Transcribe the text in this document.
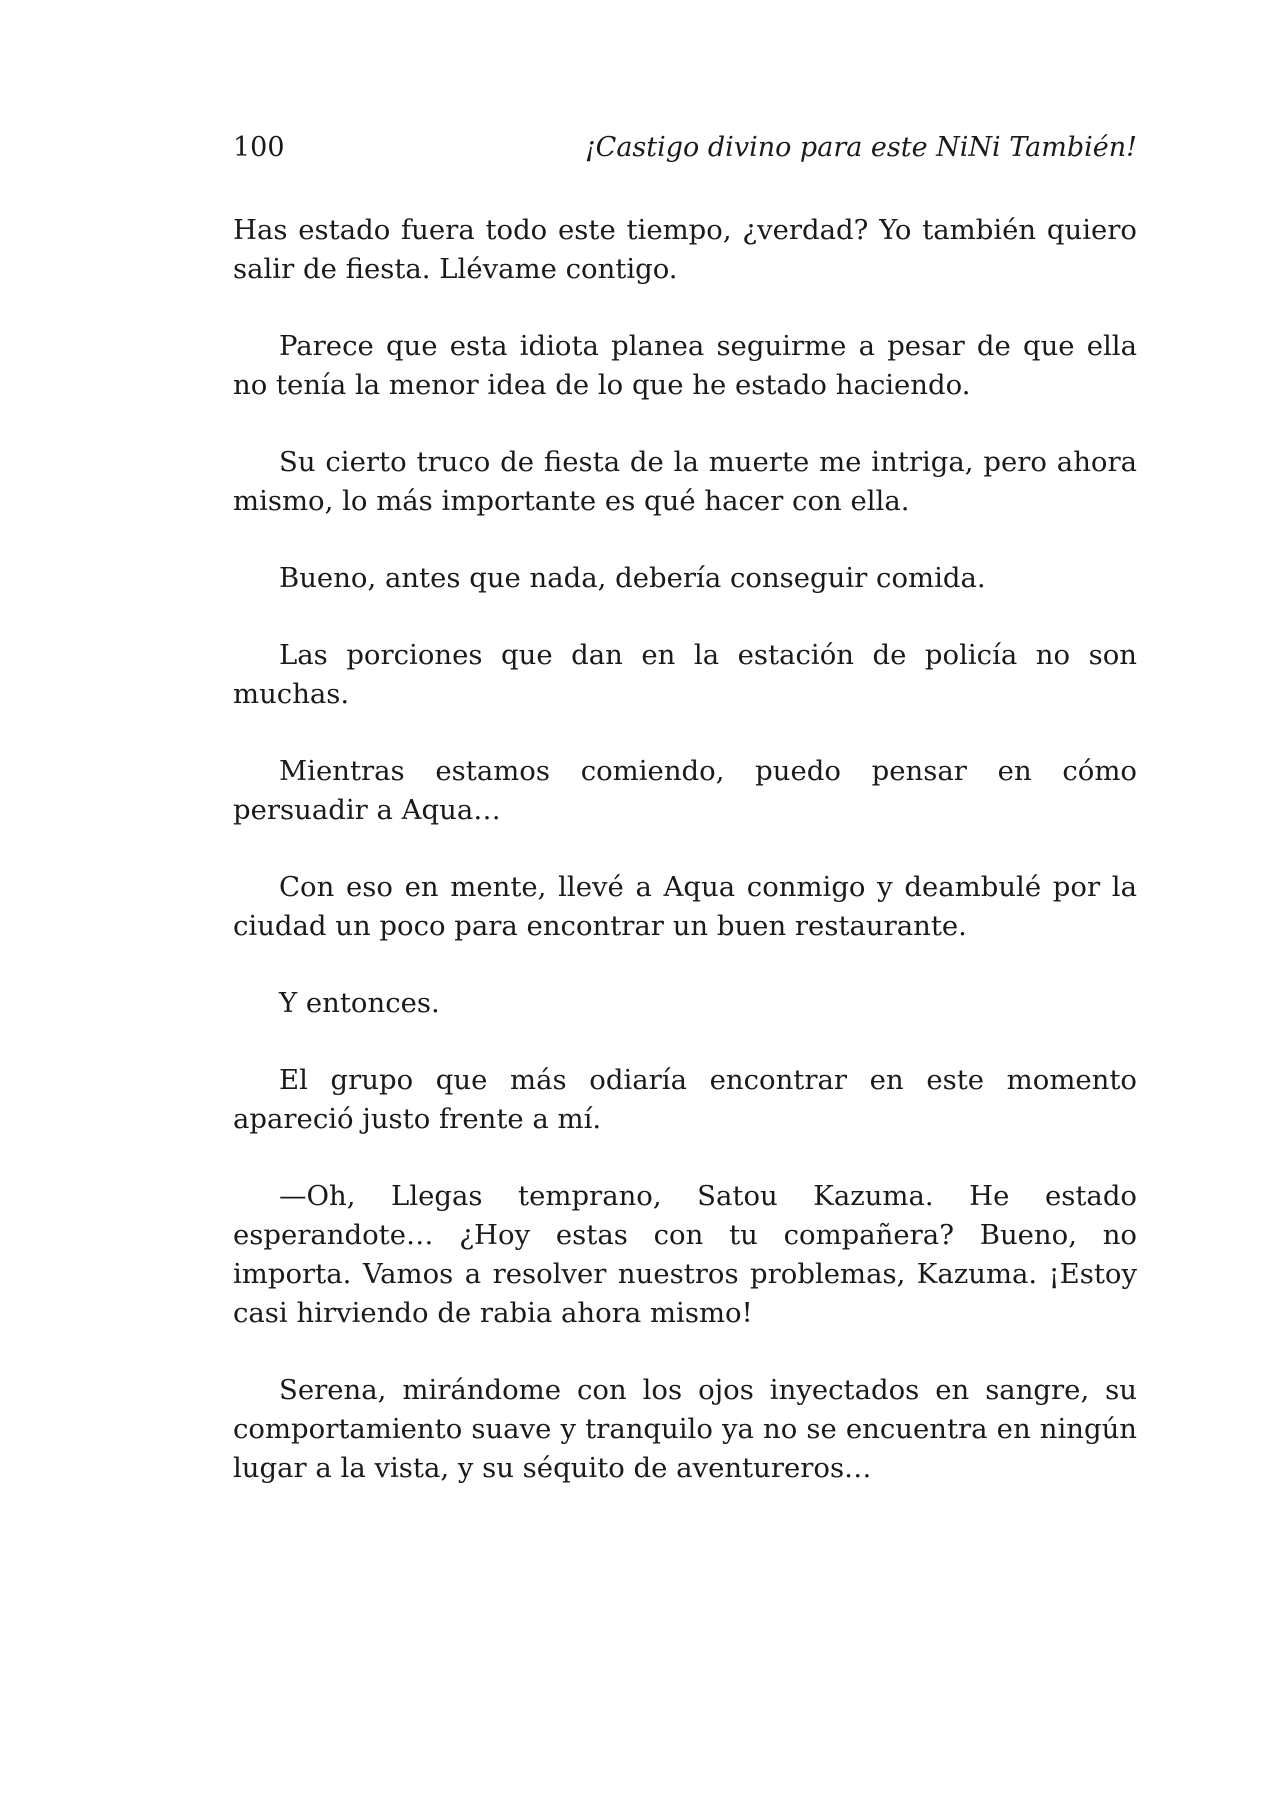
100	¡Castigo divino para este NiNi También!

Has estado fuera todo este tiempo, ¿verdad? Yo también quiero salir de fiesta. Llévame contigo.

Parece que esta idiota planea seguirme a pesar de que ella no tenía la menor idea de lo que he estado haciendo.

Su cierto truco de fiesta de la muerte me intriga, pero ahora mismo, lo más importante es qué hacer con ella.

Bueno, antes que nada, debería conseguir comida.

Las porciones que dan en la estación de policía no son muchas.

Mientras estamos comiendo, puedo pensar en cómo persuadir a Aqua…

Con eso en mente, llevé a Aqua conmigo y deambulé por la ciudad un poco para encontrar un buen restaurante.

Y entonces.

El grupo que más odiaría encontrar en este momento apareció justo frente a mí.

—Oh, Llegas temprano, Satou Kazuma. He estado esperandote… ¿Hoy estas con tu compañera? Bueno, no importa. Vamos a resolver nuestros problemas, Kazuma. ¡Estoy casi hirviendo de rabia ahora mismo!

Serena, mirándome con los ojos inyectados en sangre, su comportamiento suave y tranquilo ya no se encuentra en ningún lugar a la vista, y su séquito de aventureros…
